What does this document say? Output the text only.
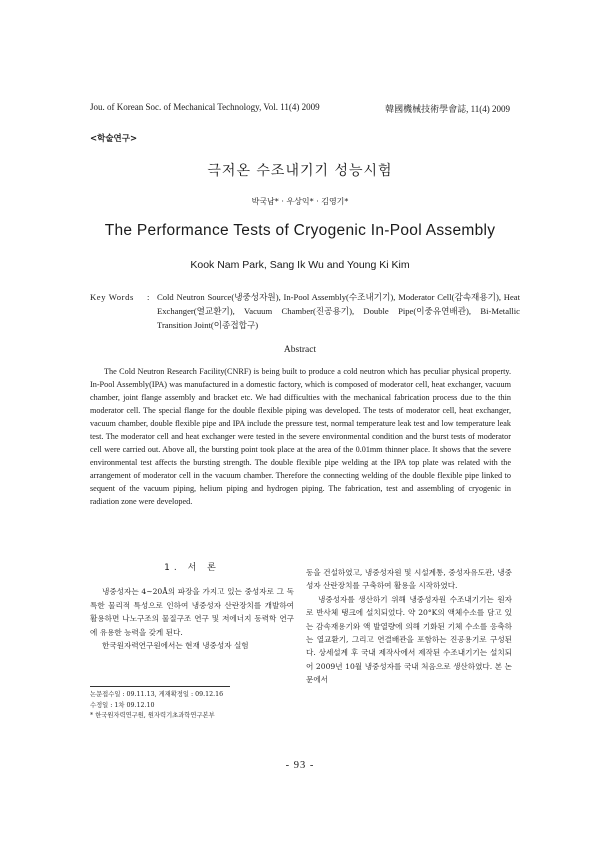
Jou. of Korean Soc. of Mechanical Technology, Vol. 11(4) 2009	韓國機械技術學會誌, 11(4) 2009
<학술연구>
극저온 수조내기기 성능시험
박국남* · 우상익* · 김영기*
The Performance Tests of Cryogenic In-Pool Assembly
Kook Nam Park, Sang Ik Wu and Young Ki Kim
Key Words	: Cold Neutron Source(냉중성자원), In-Pool Assembly(수조내기기), Moderator Cell(감속재용기), Heat Exchanger(열교환기), Vacuum Chamber(진공용기), Double Pipe(이중유연배관), Bi-Metallic Transition Joint(이종접합구)
Abstract

The Cold Neutron Research Facility(CNRF) is being built to produce a cold neutron which has peculiar physical property. In-Pool Assembly(IPA) was manufactured in a domestic factory, which is composed of moderator cell, heat exchanger, vacuum chamber, joint flange assembly and bracket etc. We had difficulties with the mechanical fabrication process due to the thin moderator cell. The special flange for the double flexible piping was developed. The tests of moderator cell, heat exchanger, vacuum chamber, double flexible pipe and IPA include the pressure test, normal temperature leak test and low temperature leak test. The moderator cell and heat exchanger were tested in the severe environmental condition and the burst tests of moderator cell were carried out. Above all, the bursting point took place at the area of the 0.01mm thinner place. It shows that the severe environmental test affects the bursting strength. The double flexible pipe welding at the IPA top plate was related with the arrangement of moderator cell in the vacuum chamber. Therefore the connecting welding of the double flexible pipe linked to sequent of the vacuum piping, helium piping and hydrogen piping. The fabrication, test and assembling of cryogenic in radiation zone were developed.

1. 서 론

냉중성자는 4~20Å의 파장을 가지고 있는 중성자로 그 독특한 물리적 특성으로 인하여 냉중성자 산란장치를 개발하여 활용하면 나노구조의 물질구조 연구 및 저에너지 동력학 연구에 유용한 능력을 갖게 된다.

한국원자력연구원에서는 현재 냉중성자 실험

동을 건설하였고, 냉중성자원 및 시설계통, 중성자유도관, 냉중성자 산란장치를 구축하여 활용을 시작하였다.

냉중성자를 생산하기 위해 냉중성자원 수조내기기는 원자로 반사체 탱크에 설치되었다. 약 20°K의 액체수소를 담고 있는 감속재용기와 액 발열량에 의해 기화된 기체 수소를 응축하는 열교환기, 그리고 연결배관을 포함하는 진공용기로 구성된다. 상세설계 후 국내 제작사에서 제작된 수조내기기는 설치되어 2009년 10월 냉중성자를 국내 처음으로 생산하였다. 본 논문에서

논문접수일 : 09.11.13, 게재확정일 : 09.12.16
수정일 : 1차 09.12.10
* 한국원자력연구원, 원자력기초과학연구본부
- 93 -
